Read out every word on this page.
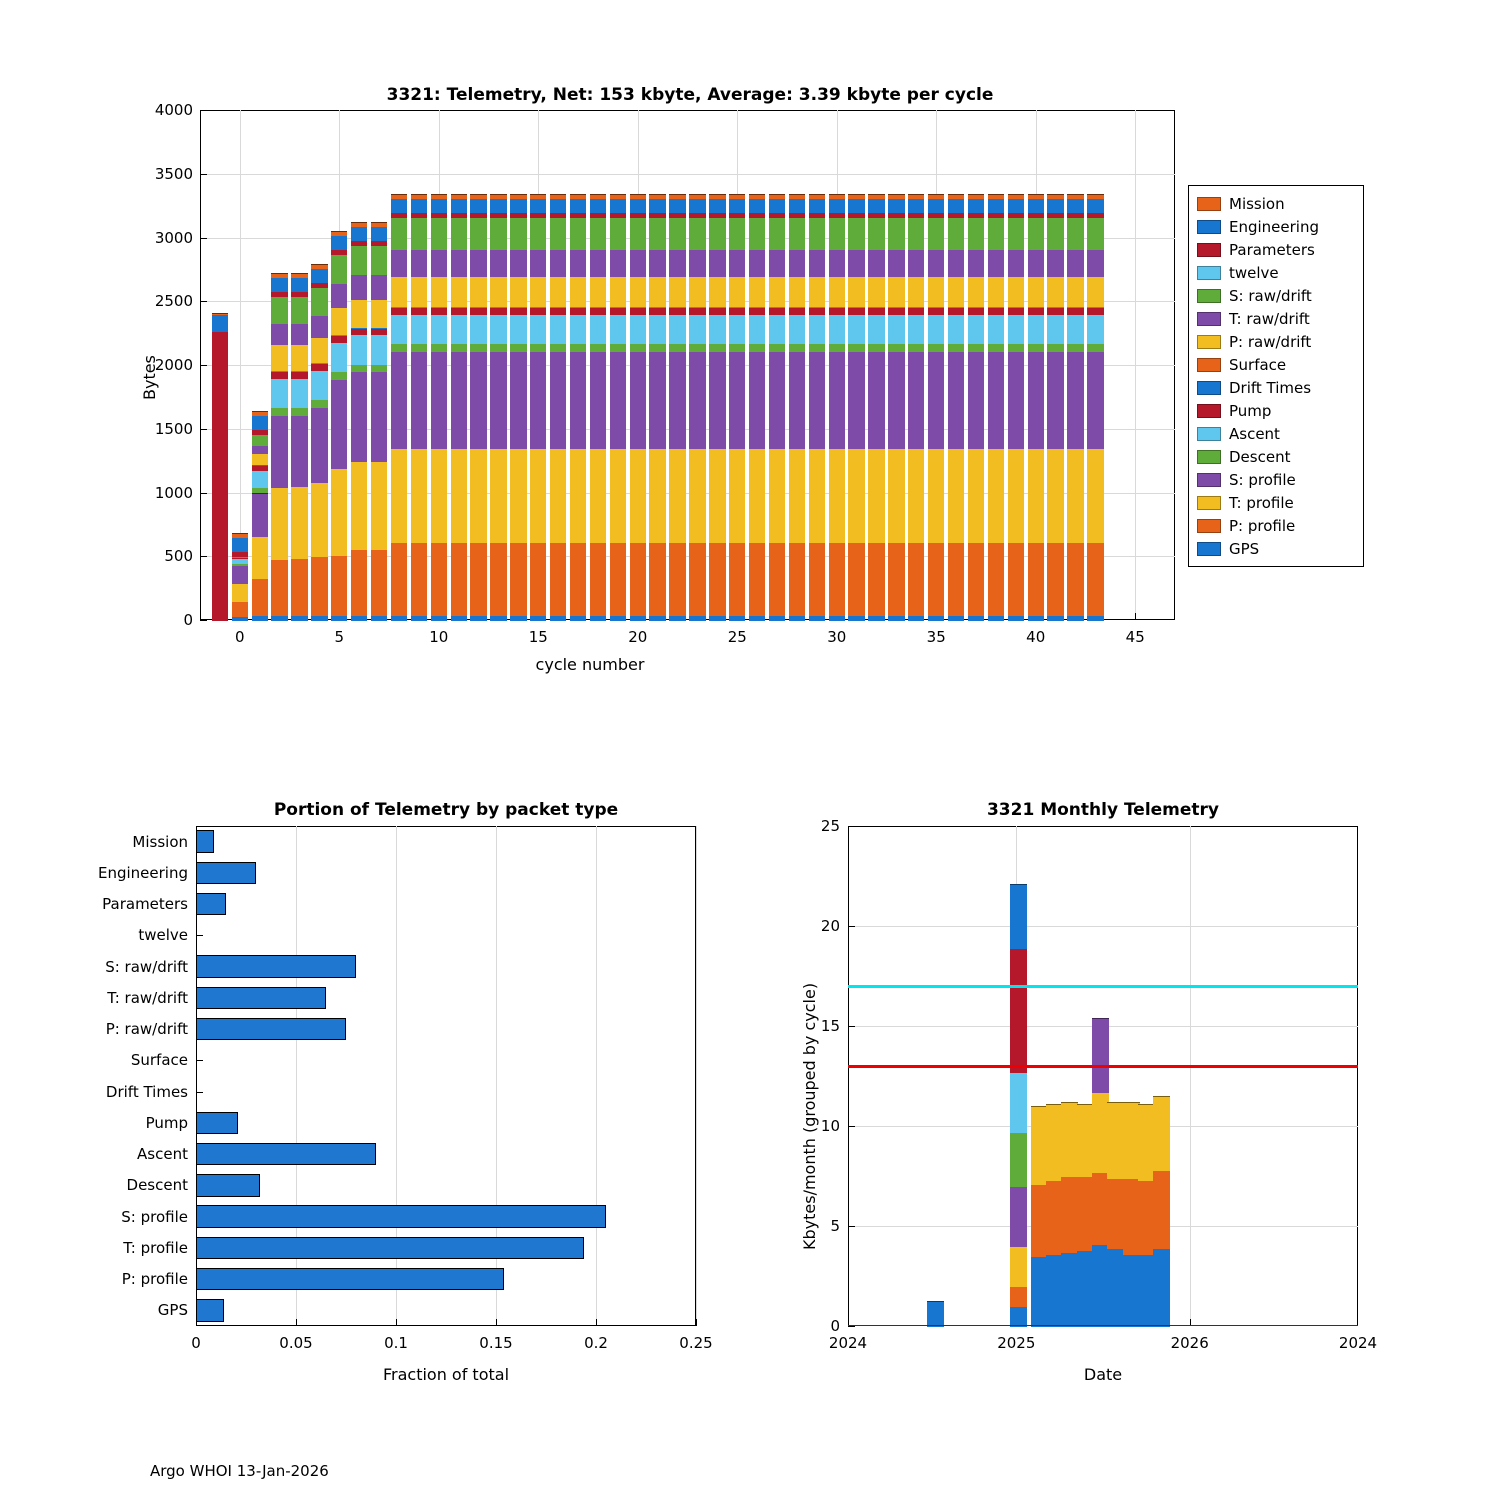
3321: Telemetry, Net: 153 kbyte, Average: 3.39 kbyte per cycle
Bytes
cycle number
Mission
Engineering
Parameters
twelve
S: raw/drift
T: raw/drift
P: raw/drift
Surface
Drift Times
Pump
Ascent
Descent
S: profile
T: profile
P: profile
GPS
Portion of Telemetry by packet type
Fraction of total
3321 Monthly Telemetry
Kbytes/month (grouped by cycle)
Date
Argo WHOI 13-Jan-2026
0
500
1000
1500
2000
2500
3000
3500
4000
0	5	10	15	20	25	30	35	40	45
0	0.05	0.1	0.15	0.2	0.25
Mission
Engineering
Parameters
twelve
S: raw/drift
T: raw/drift
P: raw/drift
Surface
Drift Times
Pump
Ascent
Descent
S: profile
T: profile
P: profile
GPS
0
5
10
15
20
25
2024	2025	2026	2024
